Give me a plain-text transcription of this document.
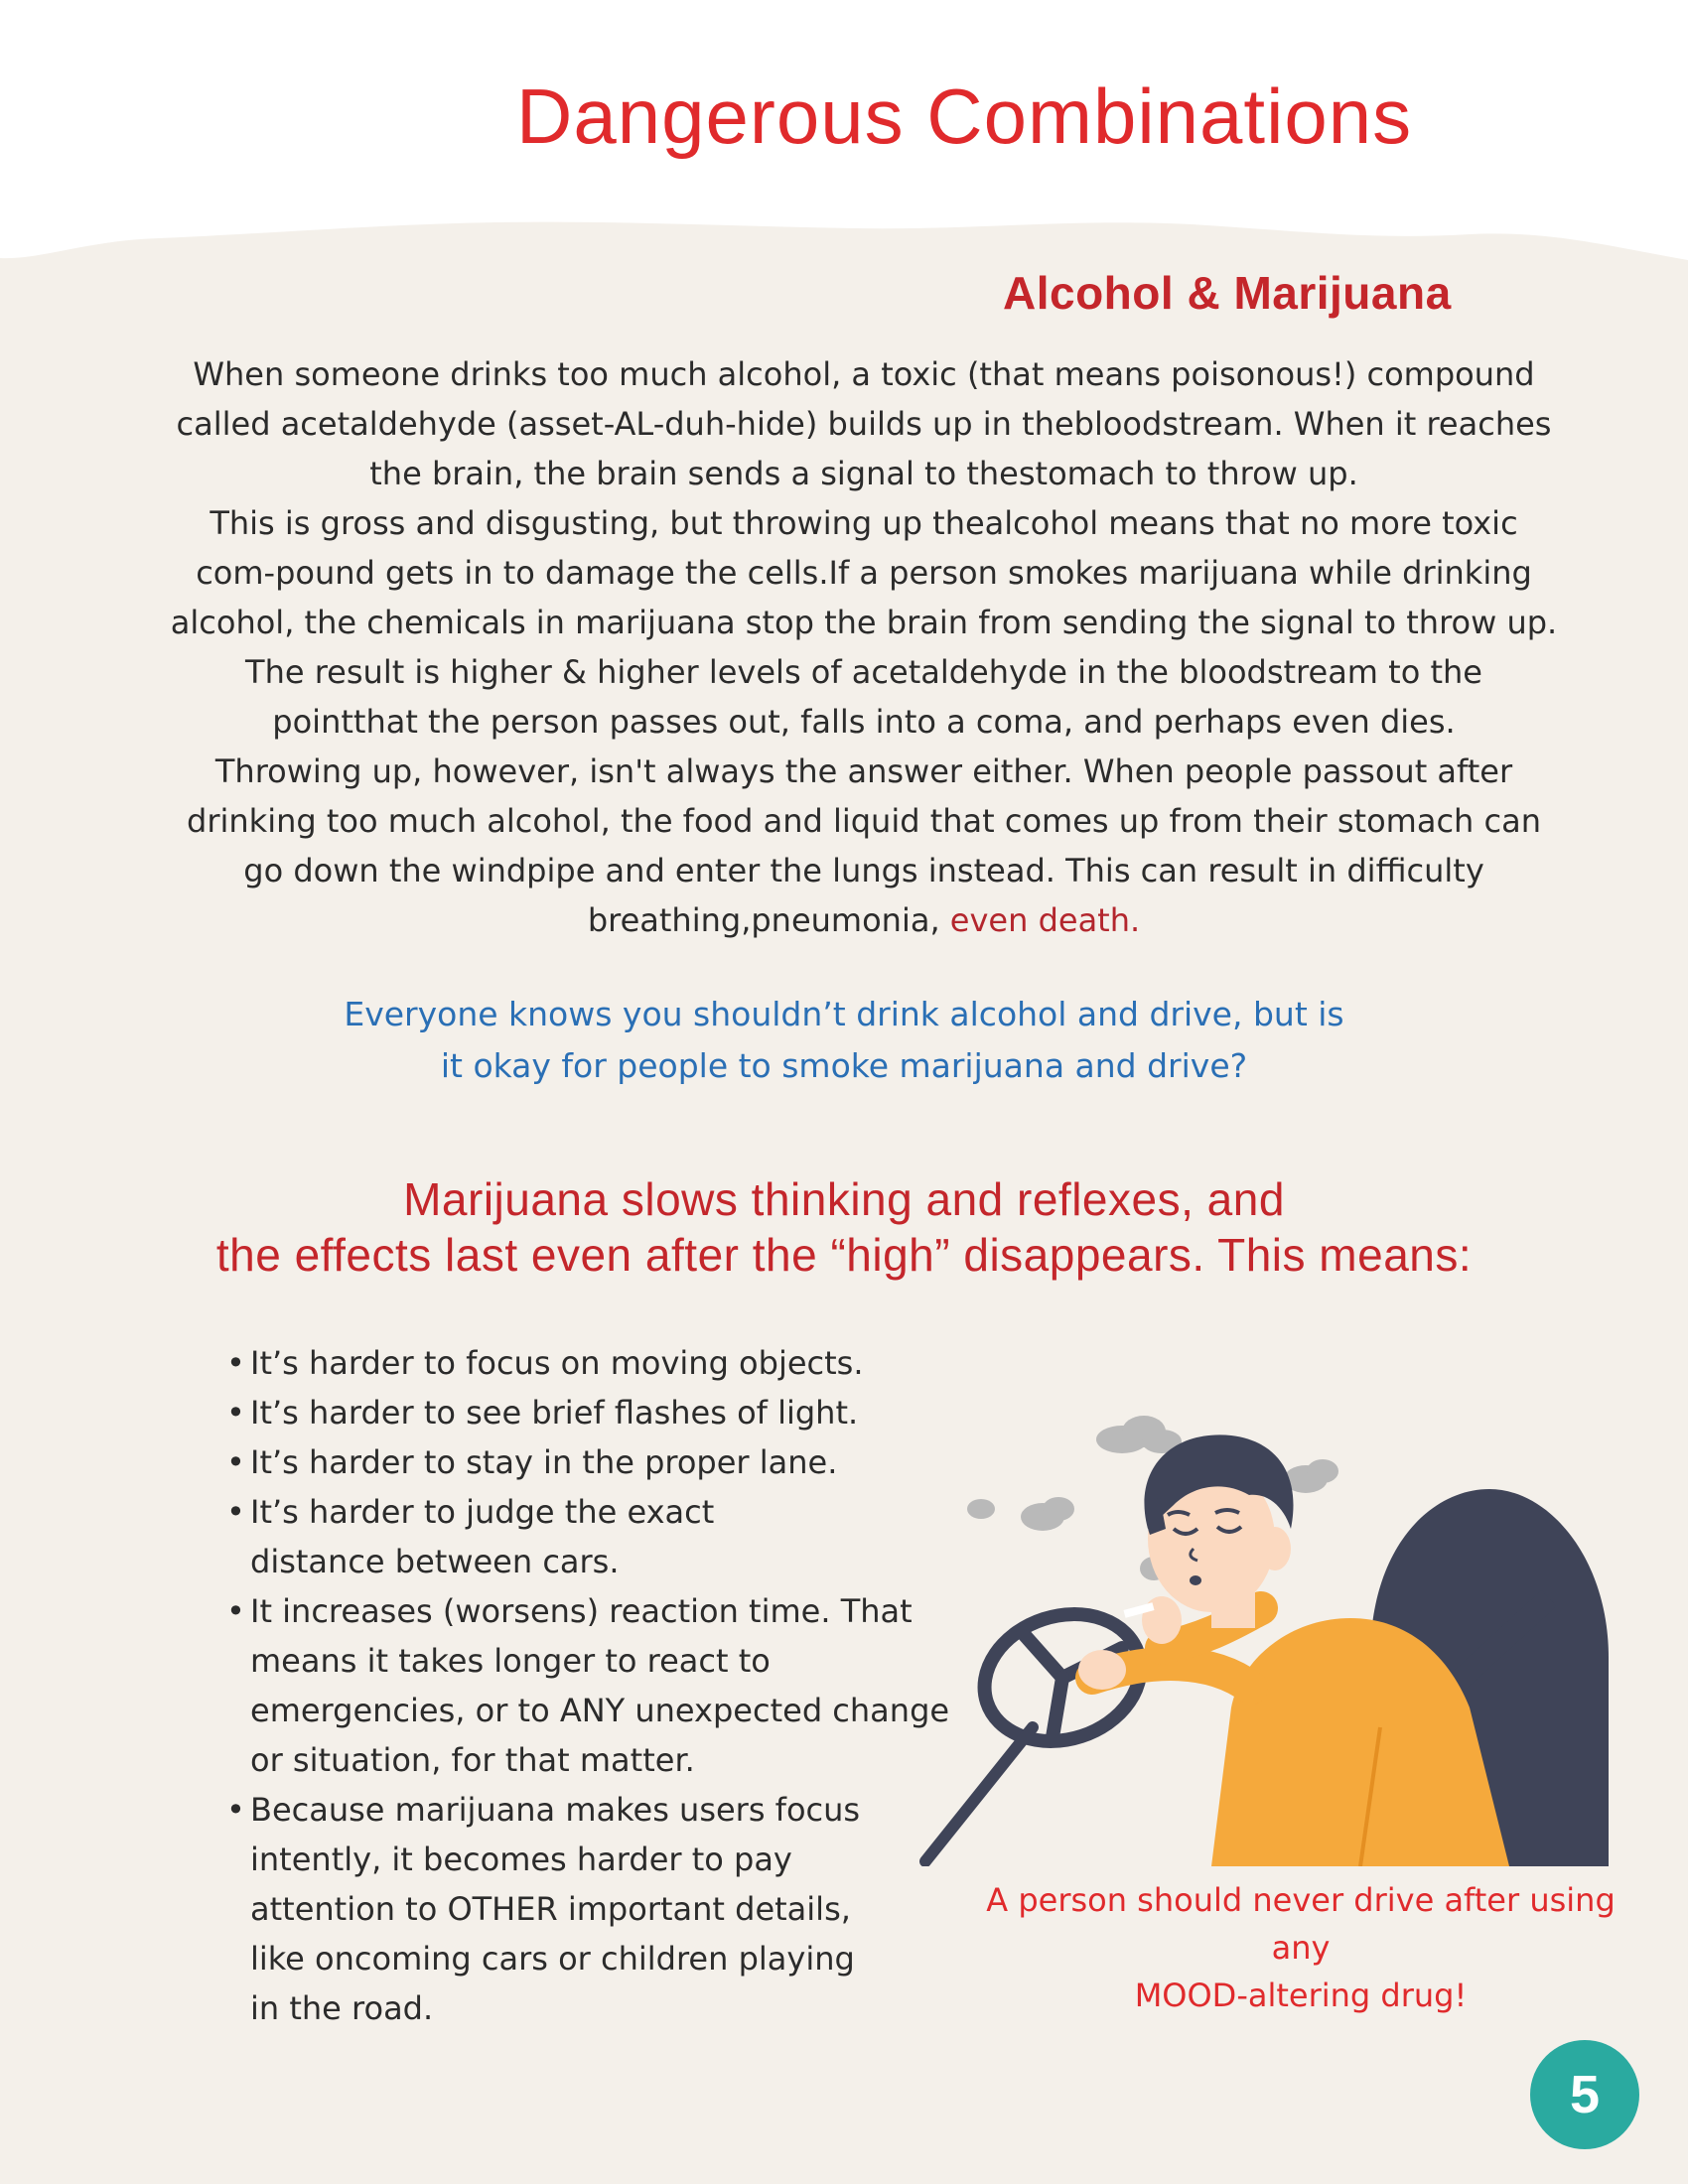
Dangerous Combinations
Alcohol & Marijuana

When someone drinks too much alcohol, a toxic (that means poisonous!) compound called acetaldehyde (asset-AL-duh-hide) builds up in thebloodstream. When it reaches the brain, the brain sends a signal to thestomach to throw up.

This is gross and disgusting, but throwing up thealcohol means that no more toxic com-pound gets in to damage the cells.If a person smokes marijuana while drinking alcohol, the chemicals in marijuana stop the brain from sending the signal to throw up. The result is higher & higher levels of acetaldehyde in the bloodstream to the pointthat the person passes out, falls into a coma, and perhaps even dies.

Throwing up, however, isn't always the answer either. When people passout after drinking too much alcohol, the food and liquid that comes up from their stomach can go down the windpipe and enter the lungs instead. This can result in difficulty breathing,pneumonia, even death.

Everyone knows you shouldn’t drink alcohol and drive, but is
it okay for people to smoke marijuana and drive?
Marijuana slows thinking and reflexes, and
the effects last even after the “high” disappears. This means:
• It’s harder to focus on moving objects.
• It’s harder to see brief flashes of light.
• It’s harder to stay in the proper lane.
• It’s harder to judge the exact distance between cars.
• It increases (worsens) reaction time. That means it takes longer to react to emergencies, or to ANY unexpected change or situation, for that matter.
• Because marijuana makes users focus intently, it becomes harder to pay attention to OTHER important details, like oncoming cars or children playing in the road.
A person should never drive after using any
MOOD-altering drug!
5
